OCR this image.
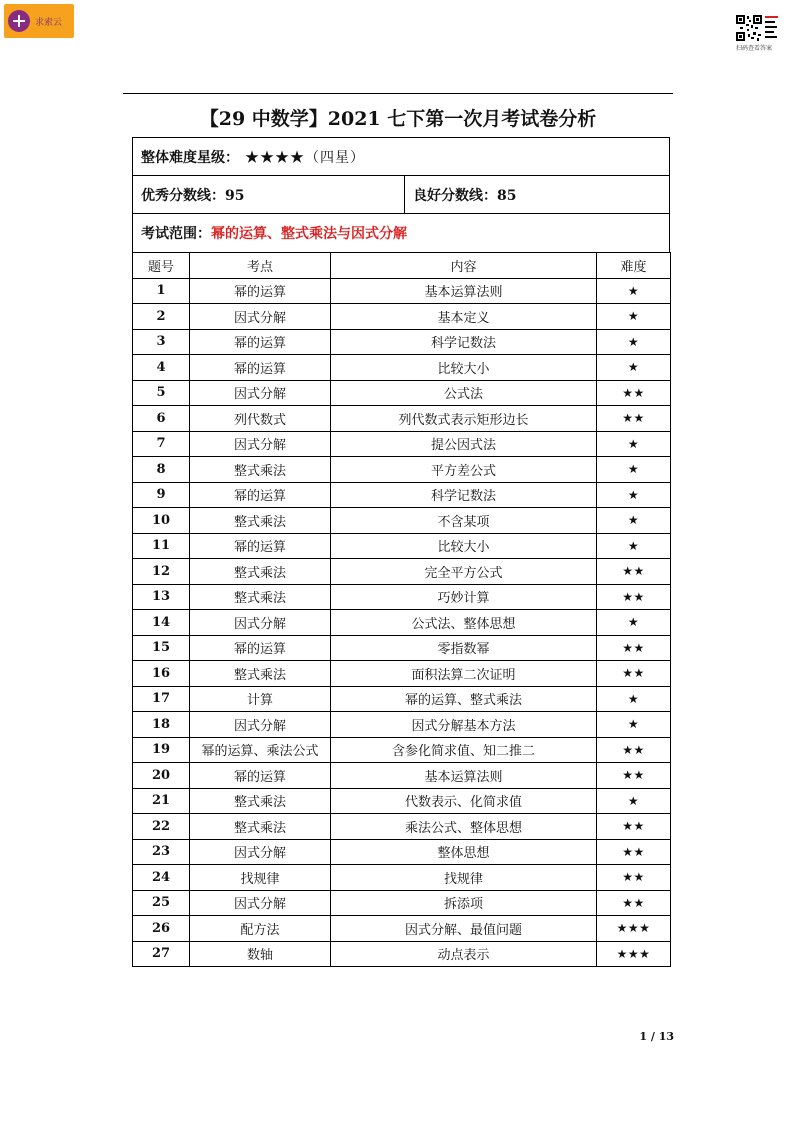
求索云
扫码查看答案
【29 中数学】2021 七下第一次月考试卷分析
整体难度星级： ★★★★（四星）
优秀分数线：95	良好分数线：85
考试范围： 幂的运算、整式乘法与因式分解
题号	考点	内容	难度
1	幂的运算	基本运算法则	★
2	因式分解	基本定义	★
3	幂的运算	科学记数法	★
4	幂的运算	比较大小	★
5	因式分解	公式法	★★
6	列代数式	列代数式表示矩形边长	★★
7	因式分解	提公因式法	★
8	整式乘法	平方差公式	★
9	幂的运算	科学记数法	★
10	整式乘法	不含某项	★
11	幂的运算	比较大小	★
12	整式乘法	完全平方公式	★★
13	整式乘法	巧妙计算	★★
14	因式分解	公式法、整体思想	★
15	幂的运算	零指数幂	★★
16	整式乘法	面积法算二次证明	★★
17	计算	幂的运算、整式乘法	★
18	因式分解	因式分解基本方法	★
19	幂的运算、乘法公式	含参化简求值、知二推二	★★
20	幂的运算	基本运算法则	★★
21	整式乘法	代数表示、化简求值	★
22	整式乘法	乘法公式、整体思想	★★
23	因式分解	整体思想	★★
24	找规律	找规律	★★
25	因式分解	拆添项	★★
26	配方法	因式分解、最值问题	★★★
27	数轴	动点表示	★★★
1 / 13
